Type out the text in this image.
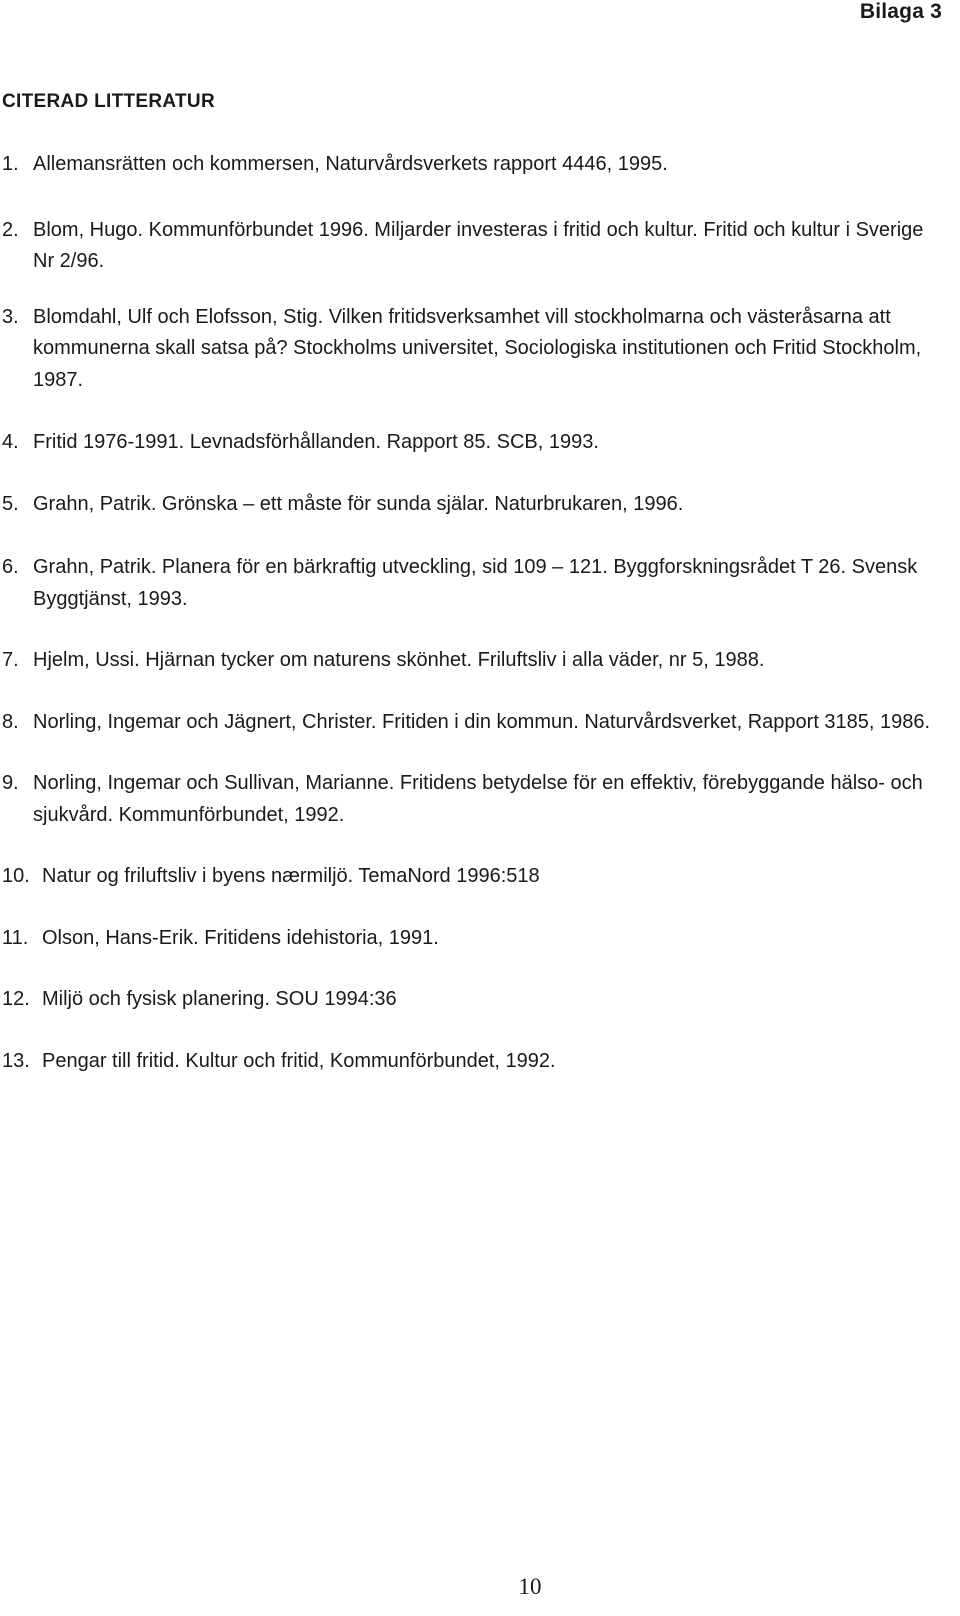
Bilaga 3
CITERAD LITTERATUR
1. Allemansrätten och kommersen, Naturvårdsverkets rapport 4446, 1995.
2. Blom, Hugo. Kommunförbundet 1996. Miljarder investeras i fritid och kultur. Fritid och kultur i Sverige Nr 2/96.
3. Blomdahl, Ulf och Elofsson, Stig. Vilken fritidsverksamhet vill stockholmarna och västeråsarna att kommunerna skall satsa på? Stockholms universitet, Sociologiska institutionen och Fritid Stockholm, 1987.
4. Fritid 1976-1991. Levnadsförhållanden. Rapport 85. SCB, 1993.
5. Grahn, Patrik. Grönska – ett måste för sunda själar. Naturbrukaren, 1996.
6. Grahn, Patrik. Planera för en bärkraftig utveckling, sid 109 – 121. Byggforskningsrådet T 26. Svensk Byggtjänst, 1993.
7. Hjelm, Ussi. Hjärnan tycker om naturens skönhet. Friluftsliv i alla väder, nr 5, 1988.
8. Norling, Ingemar och Jägnert, Christer. Fritiden i din kommun. Naturvårdsverket, Rapport 3185, 1986.
9. Norling, Ingemar och Sullivan, Marianne. Fritidens betydelse för en effektiv, förebyggande hälso- och sjukvård. Kommunförbundet, 1992.
10. Natur og friluftsliv i byens nærmiljö. TemaNord 1996:518
11. Olson, Hans-Erik. Fritidens idehistoria, 1991.
12. Miljö och fysisk planering. SOU 1994:36
13. Pengar till fritid. Kultur och fritid, Kommunförbundet, 1992.
10
